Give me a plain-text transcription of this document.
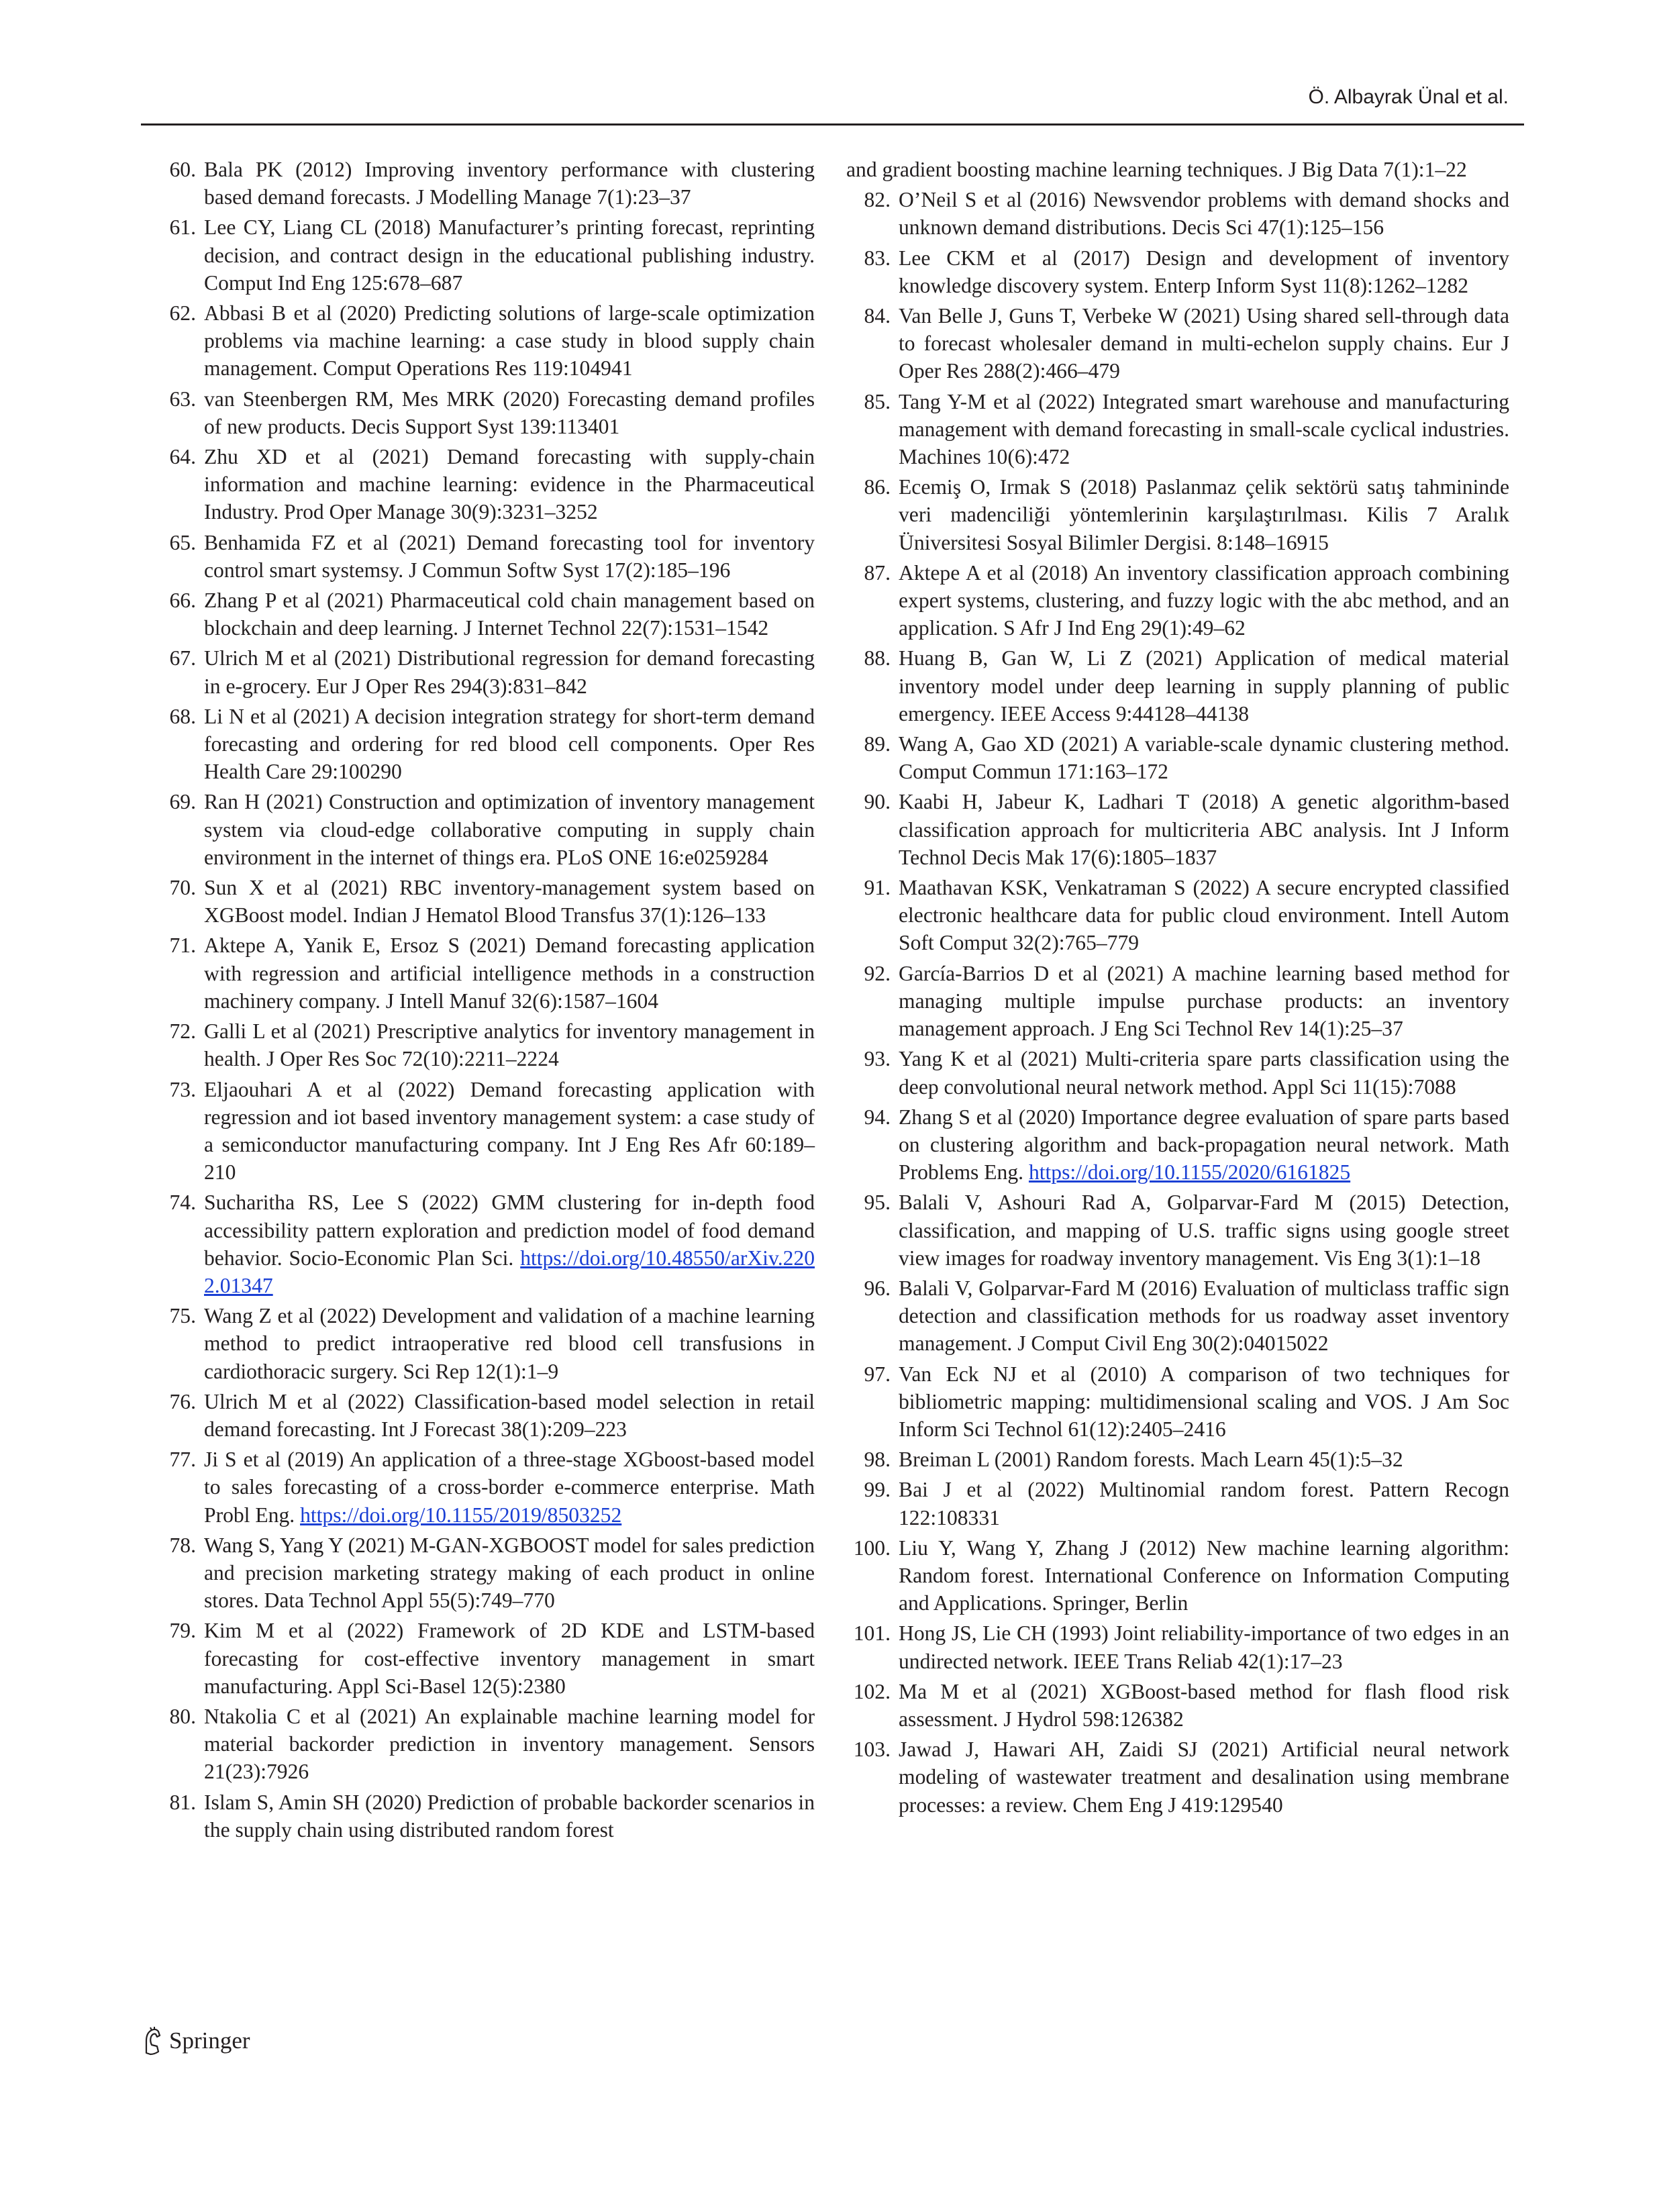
Ö. Albayrak Ünal et al.
60. Bala PK (2012) Improving inventory performance with clustering based demand forecasts. J Modelling Manage 7(1):23–37
61. Lee CY, Liang CL (2018) Manufacturer’s printing forecast, reprinting decision, and contract design in the educational publishing industry. Comput Ind Eng 125:678–687
62. Abbasi B et al (2020) Predicting solutions of large-scale optimization problems via machine learning: a case study in blood supply chain management. Comput Operations Res 119:104941
63. van Steenbergen RM, Mes MRK (2020) Forecasting demand profiles of new products. Decis Support Syst 139:113401
64. Zhu XD et al (2021) Demand forecasting with supply-chain information and machine learning: evidence in the Pharmaceutical Industry. Prod Oper Manage 30(9):3231–3252
65. Benhamida FZ et al (2021) Demand forecasting tool for inventory control smart systemsy. J Commun Softw Syst 17(2):185–196
66. Zhang P et al (2021) Pharmaceutical cold chain management based on blockchain and deep learning. J Internet Technol 22(7):1531–1542
67. Ulrich M et al (2021) Distributional regression for demand forecasting in e-grocery. Eur J Oper Res 294(3):831–842
68. Li N et al (2021) A decision integration strategy for short-term demand forecasting and ordering for red blood cell components. Oper Res Health Care 29:100290
69. Ran H (2021) Construction and optimization of inventory management system via cloud-edge collaborative computing in supply chain environment in the internet of things era. PLoS ONE 16:e0259284
70. Sun X et al (2021) RBC inventory-management system based on XGBoost model. Indian J Hematol Blood Transfus 37(1):126–133
71. Aktepe A, Yanik E, Ersoz S (2021) Demand forecasting application with regression and artificial intelligence methods in a construction machinery company. J Intell Manuf 32(6):1587–1604
72. Galli L et al (2021) Prescriptive analytics for inventory management in health. J Oper Res Soc 72(10):2211–2224
73. Eljaouhari A et al (2022) Demand forecasting application with regression and iot based inventory management system: a case study of a semiconductor manufacturing company. Int J Eng Res Afr 60:189–210
74. Sucharitha RS, Lee S (2022) GMM clustering for in-depth food accessibility pattern exploration and prediction model of food demand behavior. Socio-Economic Plan Sci. https://doi.org/10.48550/arXiv.2202.01347
75. Wang Z et al (2022) Development and validation of a machine learning method to predict intraoperative red blood cell transfusions in cardiothoracic surgery. Sci Rep 12(1):1–9
76. Ulrich M et al (2022) Classification-based model selection in retail demand forecasting. Int J Forecast 38(1):209–223
77. Ji S et al (2019) An application of a three-stage XGboost-based model to sales forecasting of a cross-border e-commerce enterprise. Math Probl Eng. https://doi.org/10.1155/2019/8503252
78. Wang S, Yang Y (2021) M-GAN-XGBOOST model for sales prediction and precision marketing strategy making of each product in online stores. Data Technol Appl 55(5):749–770
79. Kim M et al (2022) Framework of 2D KDE and LSTM-based forecasting for cost-effective inventory management in smart manufacturing. Appl Sci-Basel 12(5):2380
80. Ntakolia C et al (2021) An explainable machine learning model for material backorder prediction in inventory management. Sensors 21(23):7926
81. Islam S, Amin SH (2020) Prediction of probable backorder scenarios in the supply chain using distributed random forest
and gradient boosting machine learning techniques. J Big Data 7(1):1–22
82. O’Neil S et al (2016) Newsvendor problems with demand shocks and unknown demand distributions. Decis Sci 47(1):125–156
83. Lee CKM et al (2017) Design and development of inventory knowledge discovery system. Enterp Inform Syst 11(8):1262–1282
84. Van Belle J, Guns T, Verbeke W (2021) Using shared sell-through data to forecast wholesaler demand in multi-echelon supply chains. Eur J Oper Res 288(2):466–479
85. Tang Y-M et al (2022) Integrated smart warehouse and manufacturing management with demand forecasting in small-scale cyclical industries. Machines 10(6):472
86. Ecemiş O, Irmak S (2018) Paslanmaz çelik sektörü satış tahmininde veri madenciliği yöntemlerinin karşılaştırılması. Kilis 7 Aralık Üniversitesi Sosyal Bilimler Dergisi. 8:148–16915
87. Aktepe A et al (2018) An inventory classification approach combining expert systems, clustering, and fuzzy logic with the abc method, and an application. S Afr J Ind Eng 29(1):49–62
88. Huang B, Gan W, Li Z (2021) Application of medical material inventory model under deep learning in supply planning of public emergency. IEEE Access 9:44128–44138
89. Wang A, Gao XD (2021) A variable-scale dynamic clustering method. Comput Commun 171:163–172
90. Kaabi H, Jabeur K, Ladhari T (2018) A genetic algorithm-based classification approach for multicriteria ABC analysis. Int J Inform Technol Decis Mak 17(6):1805–1837
91. Maathavan KSK, Venkatraman S (2022) A secure encrypted classified electronic healthcare data for public cloud environment. Intell Autom Soft Comput 32(2):765–779
92. García-Barrios D et al (2021) A machine learning based method for managing multiple impulse purchase products: an inventory management approach. J Eng Sci Technol Rev 14(1):25–37
93. Yang K et al (2021) Multi-criteria spare parts classification using the deep convolutional neural network method. Appl Sci 11(15):7088
94. Zhang S et al (2020) Importance degree evaluation of spare parts based on clustering algorithm and back-propagation neural network. Math Problems Eng. https://doi.org/10.1155/2020/6161825
95. Balali V, Ashouri Rad A, Golparvar-Fard M (2015) Detection, classification, and mapping of U.S. traffic signs using google street view images for roadway inventory management. Vis Eng 3(1):1–18
96. Balali V, Golparvar-Fard M (2016) Evaluation of multiclass traffic sign detection and classification methods for us roadway asset inventory management. J Comput Civil Eng 30(2):04015022
97. Van Eck NJ et al (2010) A comparison of two techniques for bibliometric mapping: multidimensional scaling and VOS. J Am Soc Inform Sci Technol 61(12):2405–2416
98. Breiman L (2001) Random forests. Mach Learn 45(1):5–32
99. Bai J et al (2022) Multinomial random forest. Pattern Recogn 122:108331
100. Liu Y, Wang Y, Zhang J (2012) New machine learning algorithm: Random forest. International Conference on Information Computing and Applications. Springer, Berlin
101. Hong JS, Lie CH (1993) Joint reliability-importance of two edges in an undirected network. IEEE Trans Reliab 42(1):17–23
102. Ma M et al (2021) XGBoost-based method for flash flood risk assessment. J Hydrol 598:126382
103. Jawad J, Hawari AH, Zaidi SJ (2021) Artificial neural network modeling of wastewater treatment and desalination using membrane processes: a review. Chem Eng J 419:129540
Springer
